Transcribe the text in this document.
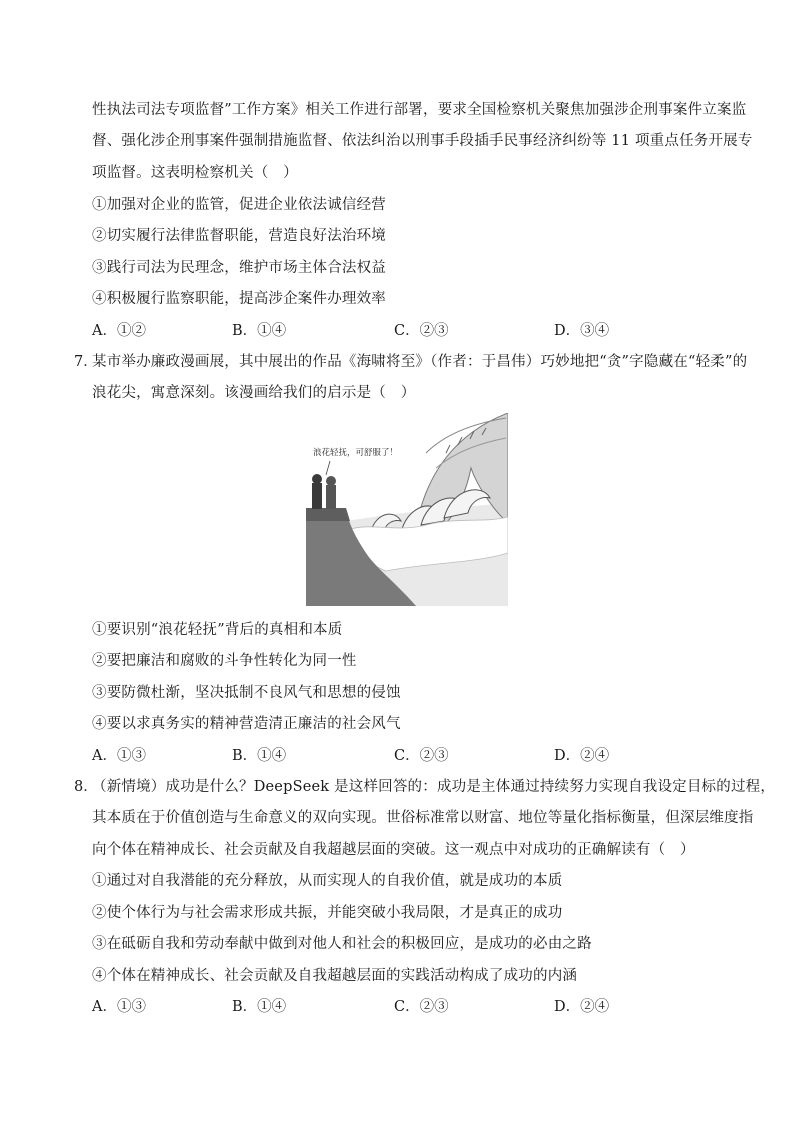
性执法司法专项监督”工作方案》相关工作进行部署，要求全国检察机关聚焦加强涉企刑事案件立案监
督、强化涉企刑事案件强制措施监督、依法纠治以刑事手段插手民事经济纠纷等 11 项重点任务开展专
项监督。这表明检察机关（　）
①加强对企业的监管，促进企业依法诚信经营
②切实履行法律监督职能，营造良好法治环境
③践行司法为民理念，维护市场主体合法权益
④积极履行监察职能，提高涉企案件办理效率
A．①②	B．①④	C．②③	D．③④
7．
某市举办廉政漫画展，其中展出的作品《海啸将至》（作者：于昌伟）巧妙地把“贪”字隐藏在“轻柔”的
浪花尖，寓意深刻。该漫画给我们的启示是（　）
浪花轻抚，可舒服了！
①要识别“浪花轻抚”背后的真相和本质
②要把廉洁和腐败的斗争性转化为同一性
③要防微杜渐，坚决抵制不良风气和思想的侵蚀
④要以求真务实的精神营造清正廉洁的社会风气
A．①③	B．①④	C．②③	D．②④
8．
（新情境）成功是什么？DeepSeek 是这样回答的：成功是主体通过持续努力实现自我设定目标的过程，
其本质在于价值创造与生命意义的双向实现。世俗标准常以财富、地位等量化指标衡量，但深层维度指
向个体在精神成长、社会贡献及自我超越层面的突破。这一观点中对成功的正确解读有（　）
①通过对自我潜能的充分释放，从而实现人的自我价值，就是成功的本质
②使个体行为与社会需求形成共振，并能突破小我局限，才是真正的成功
③在砥砺自我和劳动奉献中做到对他人和社会的积极回应，是成功的必由之路
④个体在精神成长、社会贡献及自我超越层面的实践活动构成了成功的内涵
A．①③	B．①④	C．②③	D．②④
